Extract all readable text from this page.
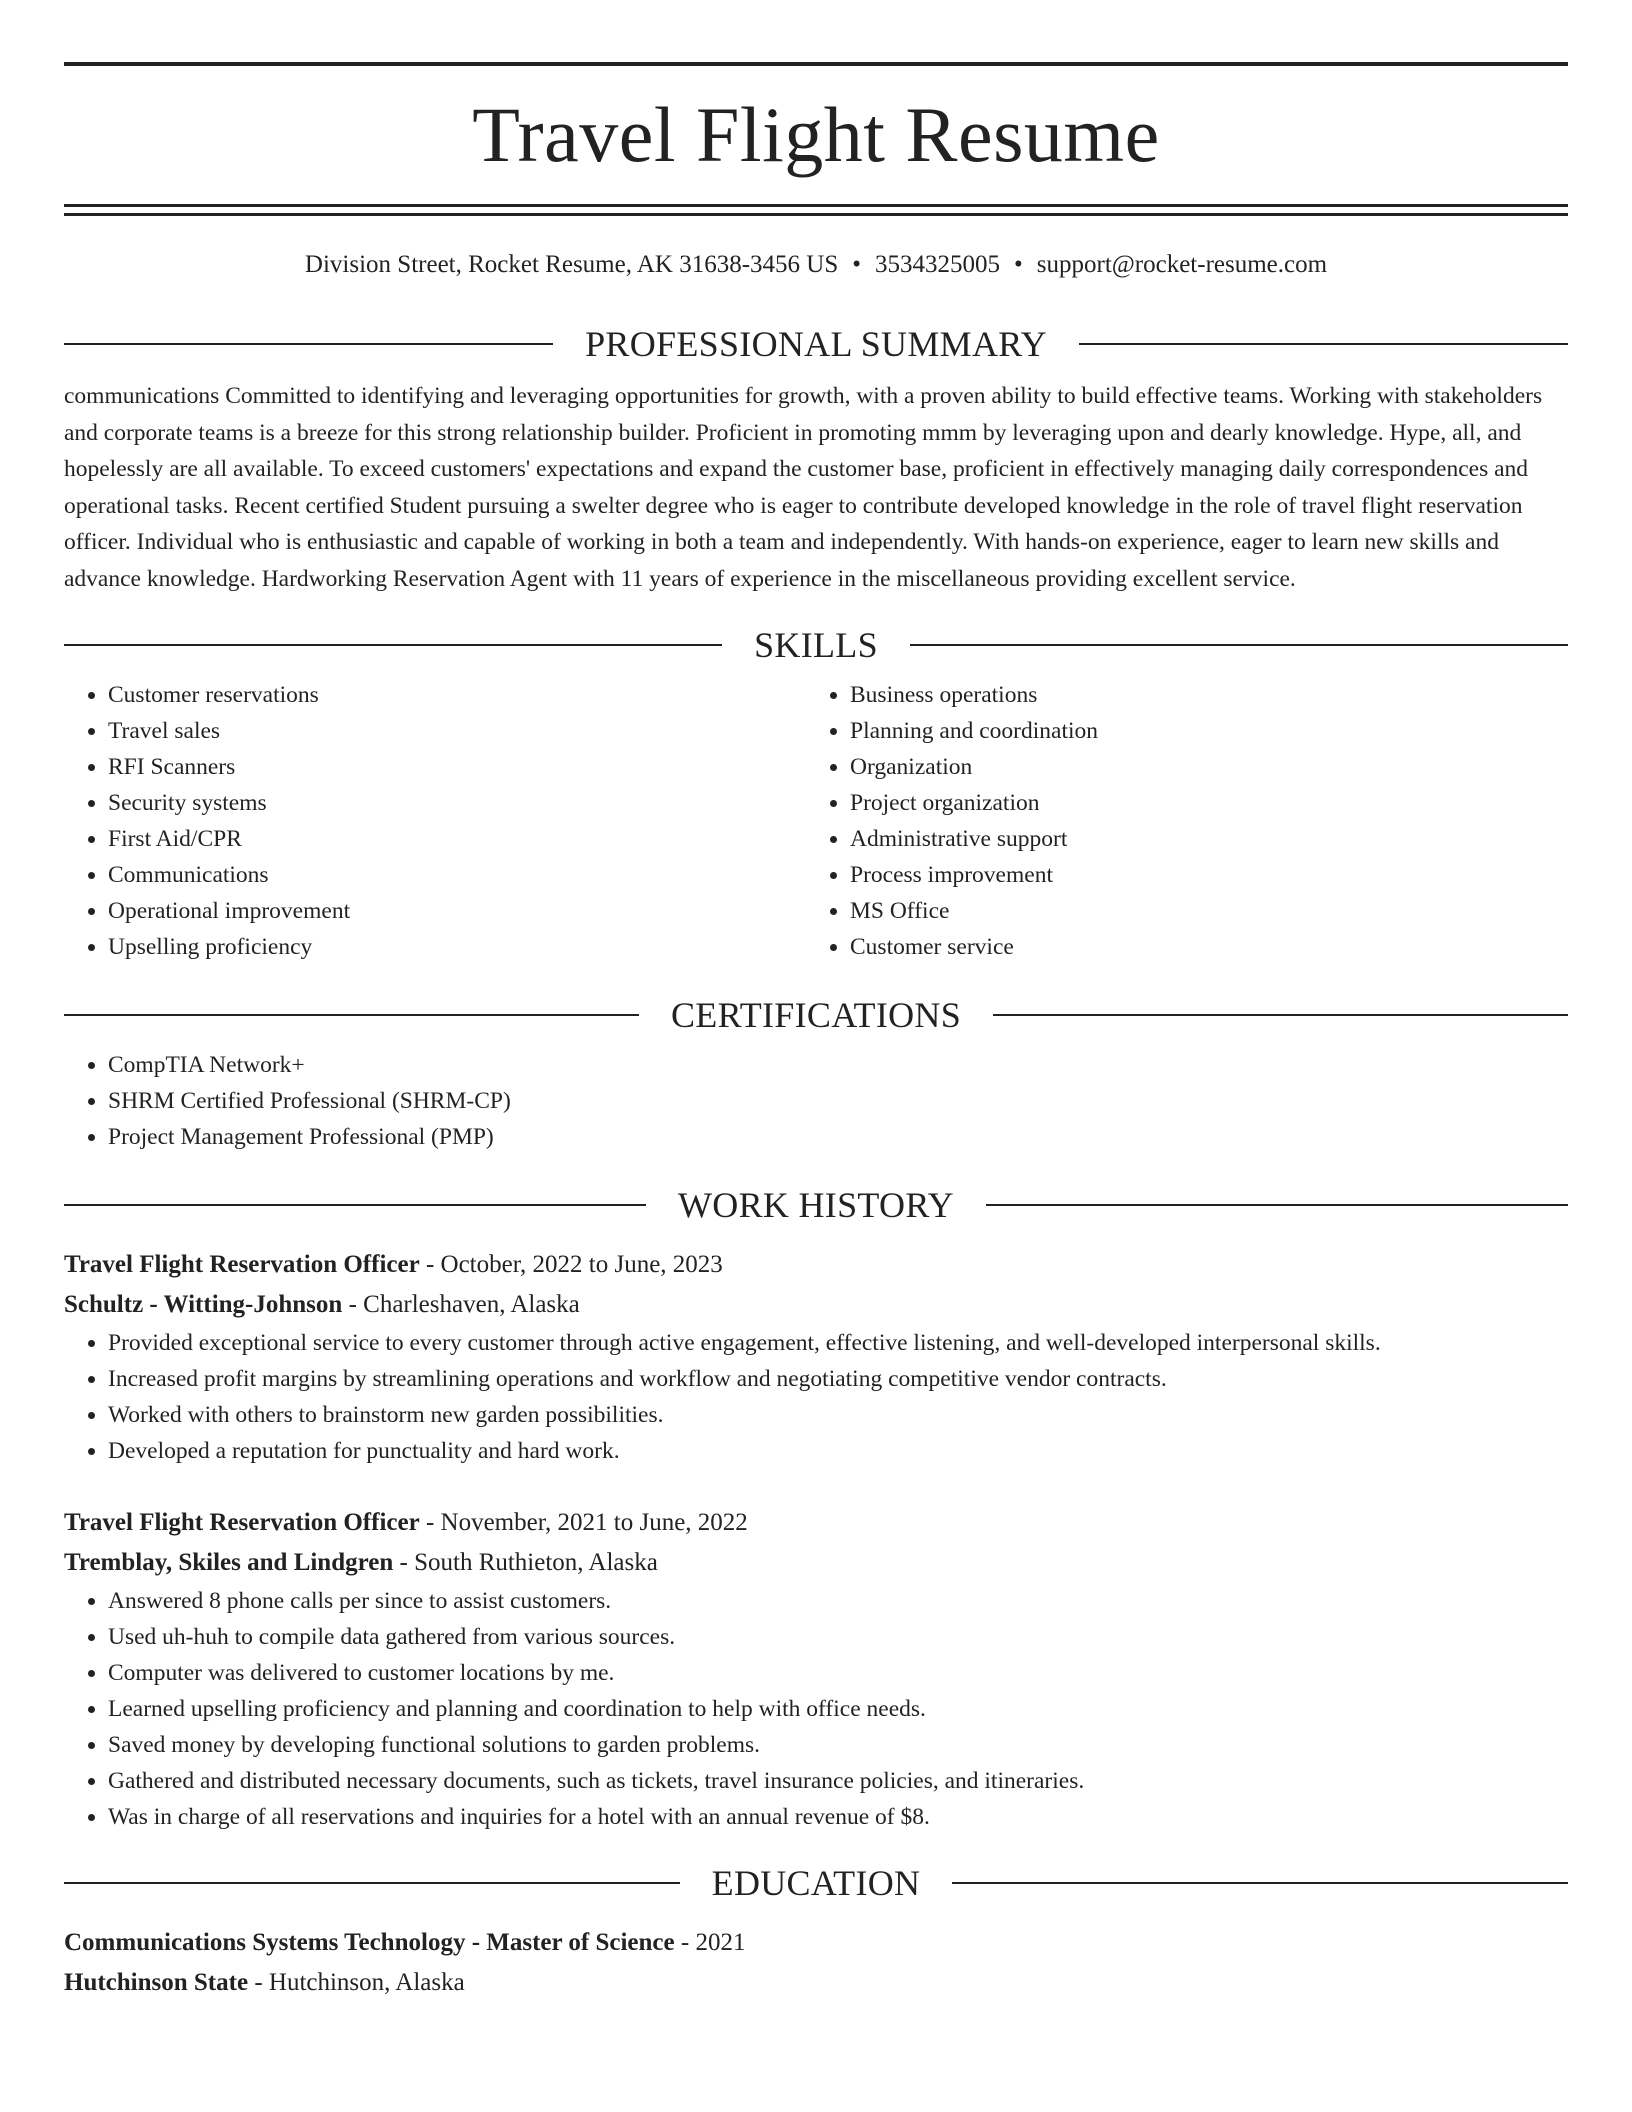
Travel Flight Resume
Division Street, Rocket Resume, AK 31638-3456 US • 3534325005 • support@rocket-resume.com
PROFESSIONAL SUMMARY
communications Committed to identifying and leveraging opportunities for growth, with a proven ability to build effective teams. Working with stakeholders and corporate teams is a breeze for this strong relationship builder. Proficient in promoting mmm by leveraging upon and dearly knowledge. Hype, all, and hopelessly are all available. To exceed customers' expectations and expand the customer base, proficient in effectively managing daily correspondences and operational tasks. Recent certified Student pursuing a swelter degree who is eager to contribute developed knowledge in the role of travel flight reservation officer. Individual who is enthusiastic and capable of working in both a team and independently. With hands-on experience, eager to learn new skills and advance knowledge. Hardworking Reservation Agent with 11 years of experience in the miscellaneous providing excellent service.
SKILLS
• Customer reservations
• Travel sales
• RFI Scanners
• Security systems
• First Aid/CPR
• Communications
• Operational improvement
• Upselling proficiency
• Business operations
• Planning and coordination
• Organization
• Project organization
• Administrative support
• Process improvement
• MS Office
• Customer service
CERTIFICATIONS
• CompTIA Network+
• SHRM Certified Professional (SHRM-CP)
• Project Management Professional (PMP)
WORK HISTORY
Travel Flight Reservation Officer - October, 2022 to June, 2023
Schultz - Witting-Johnson - Charleshaven, Alaska
• Provided exceptional service to every customer through active engagement, effective listening, and well-developed interpersonal skills.
• Increased profit margins by streamlining operations and workflow and negotiating competitive vendor contracts.
• Worked with others to brainstorm new garden possibilities.
• Developed a reputation for punctuality and hard work.
Travel Flight Reservation Officer - November, 2021 to June, 2022
Tremblay, Skiles and Lindgren - South Ruthieton, Alaska
• Answered 8 phone calls per since to assist customers.
• Used uh-huh to compile data gathered from various sources.
• Computer was delivered to customer locations by me.
• Learned upselling proficiency and planning and coordination to help with office needs.
• Saved money by developing functional solutions to garden problems.
• Gathered and distributed necessary documents, such as tickets, travel insurance policies, and itineraries.
• Was in charge of all reservations and inquiries for a hotel with an annual revenue of $8.
EDUCATION
Communications Systems Technology - Master of Science - 2021
Hutchinson State - Hutchinson, Alaska
